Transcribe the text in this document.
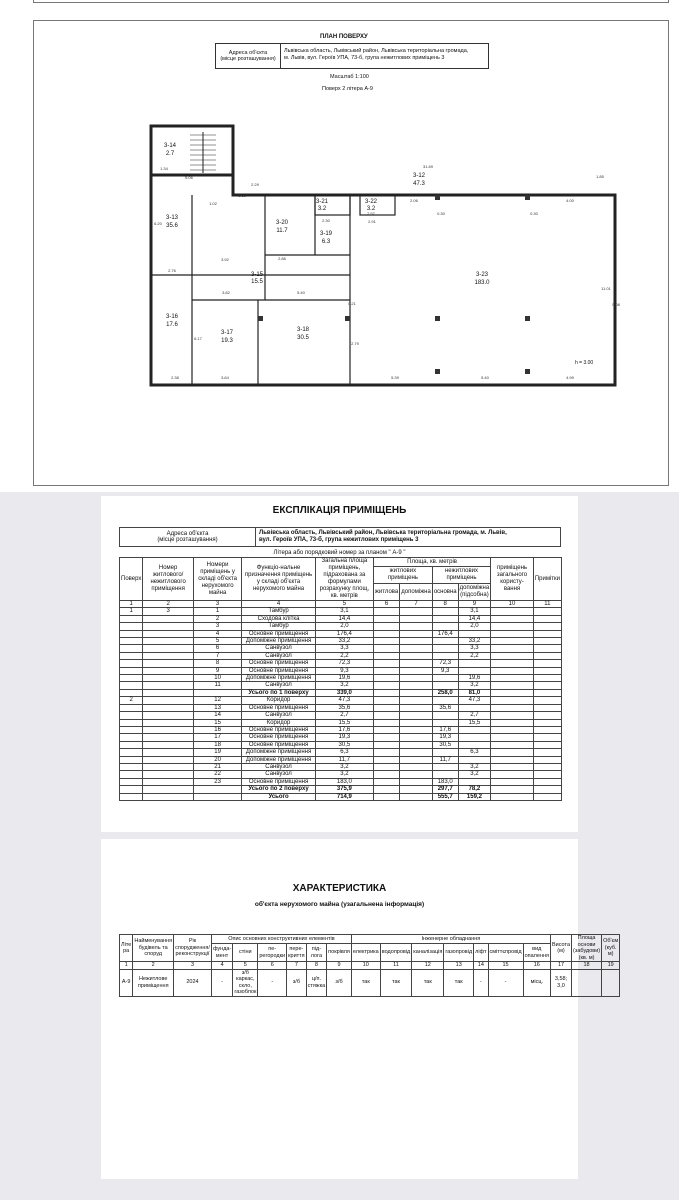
ПЛАН ПОВЕРХУ
Адреса об'єкта
(місце розташування)
Львівська область, Львівський район, Львівська територіальна громада,
м. Львів, вул. Героїв УПА, 73-б, група нежитлових приміщень 3
Масштаб 1:100
Поверх 2 літера А-9
3-12
47.3
3-13
35.6
3-14
2.7
3-15
15.5
3-16
17.6
3-17
19.3
3-18
30.5
3-19
6.3
3-20
11.7
3-21
3.2
3-22
3.2
3-23
183.0
31.69
1.85
4.00
5.06
1.34
2.29
2.06
0.30
1.02
1.62
2.30
2.57
2.91
0.30
6.20
3.92	2.86
2.76
3.82	5.40
0.21
6.17
2.38	3.64	5.39	5.40	4.99
11.01
5.08
2.79
h = 3.00
ЕКСПЛІКАЦІЯ ПРИМІЩЕНЬ
Адреса об'єкта
(місце розташування)
Львівська область, Львівський район, Львівська територіальна громада, м. Львів,
вул. Героїв УПА, 73-б, група нежитлових приміщень 3
Літера або порядковий номер за планом " А-9 "
Поверх	Номер житлового/ нежитлового приміщення	Номери приміщень у складі об'єкта нерухомого майна	Функціо-нальне призначення приміщень у складі об'єкта нерухомого майна	Загальна площа приміщень, підрахована за формулами розрахунку площ, кв. метрів	Площа, кв. метрів				приміщень загального користу-вання	Примітки
					житлових приміщень		нежитлових приміщень			
					житлова	допоміжна	основна	допоміжна (підсобна)		
1	2	3	4	5	6	7	8	9	10	11
1	3	1	Тамбур	3,1				3,1		
		2	Сходова клітка	14,4				14,4		
		3	Тамбур	2,0				2,0		
		4	Основне приміщення	176,4			176,4			
		5	Допоміжне приміщення	33,2				33,2		
		6	Санвузол	3,3				3,3		
		7	Санвузол	2,2				2,2		
		8	Основне приміщення	72,3			72,3			
		9	Основне приміщення	9,3			9,3			
		10	Допоміжне приміщення	19,6				19,6		
		11	Санвузол	3,2				3,2		
			Усього по 1 поверху	339,0			258,0	81,0		
2		12	Коридор	47,3				47,3		
		13	Основне приміщення	35,6			35,6			
		14	Санвузол	2,7				2,7		
		15	Коридор	15,5				15,5		
		16	Основне приміщення	17,6			17,6			
		17	Основне приміщення	19,3			19,3			
		18	Основне приміщення	30,5			30,5			
		19	Допоміжне приміщення	6,3				6,3		
		20	Допоміжне приміщення	11,7			11,7			
		21	Санвузол	3,2				3,2		
		22	Санвузол	3,2				3,2		
		23	Основне приміщення	183,0			183,0			
			Усього по 2 поверху	375,9			297,7	78,2		
			Усього	714,9			555,7	159,2		
ХАРАКТЕРИСТИКА
об'єкта нерухомого майна (узагальнена інформація)
Літе ра	Найменування будівель та споруд	Рік спорудження/ реконструкції	Опис основних конструктивних елементів						Інженерне обладнання							Висота (м)	Площа основи (забудови) (кв. м)	Об'єм (куб. м)
			фунда-мент	стіни	пе-регородки	пере-криття	під-лога	покрівля	електрика	водопровід	каналізація	газопровід	ліфт	сміттєпровід	вид опалення			
1	2	3	4	5	6	7	8	9	10	11	12	13	14	15	16	17	18	19
А-9	Нежитлове приміщення	2024	-	з/б каркас, скло, газоблок	-	з/б	ц/п. стяжка	з/б	так	так	так	так	-	-	місц.	3,58; 3,0		
